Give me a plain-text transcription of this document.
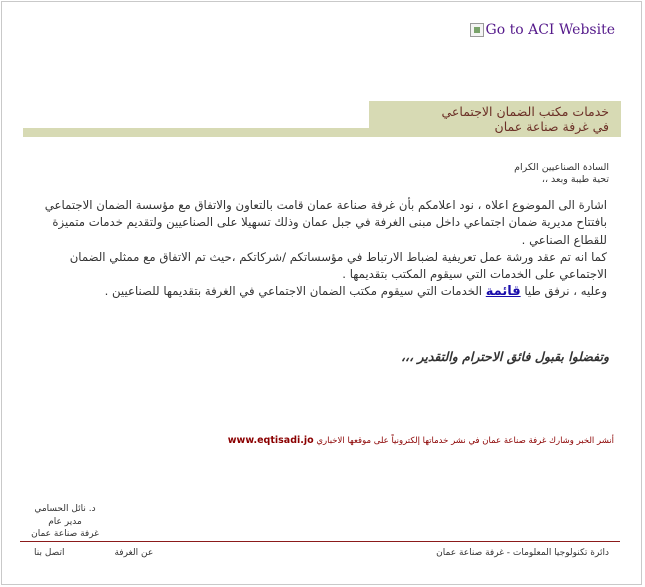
Go to ACI Website
خدمات مكتب الضمان الاجتماعي
في غرفة صناعة عمان
السادة الصناعيين الكرام
تحية طيبة وبعد ،،

اشارة الى الموضوع اعلاه ، نود اعلامكم بأن غرفة صناعة عمان قامت بالتعاون والاتفاق مع مؤسسة الضمان الاجتماعي بافتتاح مديرية ضمان اجتماعي داخل مبنى الغرفة في جبل عمان وذلك تسهيلا على الصناعيين ولتقديم خدمات متميزة للقطاع الصناعي .

كما انه تم عقد ورشة عمل تعريفية لضباط الارتباط في مؤسساتكم /شركاتكم ،حيث تم الاتفاق مع ممثلي الضمان الاجتماعي على الخدمات التي سيقوم المكتب بتقديمها .

وعليه ، نرفق طيا قائمة الخدمات التي سيقوم مكتب الضمان الاجتماعي في الغرفة بتقديمها للصناعيين .

وتفضلوا بقبول فائق الاحترام والتقدير ،،،
أنشر الخبر وشارك غرفة صناعة عمان في نشر خدماتها إلكترونياً على موقعها الاخباري www.eqtisadi.jo
د. نائل الحسامي
مدير عام
غرفة صناعة عمان
دائرة تكنولوجيا المعلومات - غرفة صناعة عمان
عن الغرفة
اتصل بنا
